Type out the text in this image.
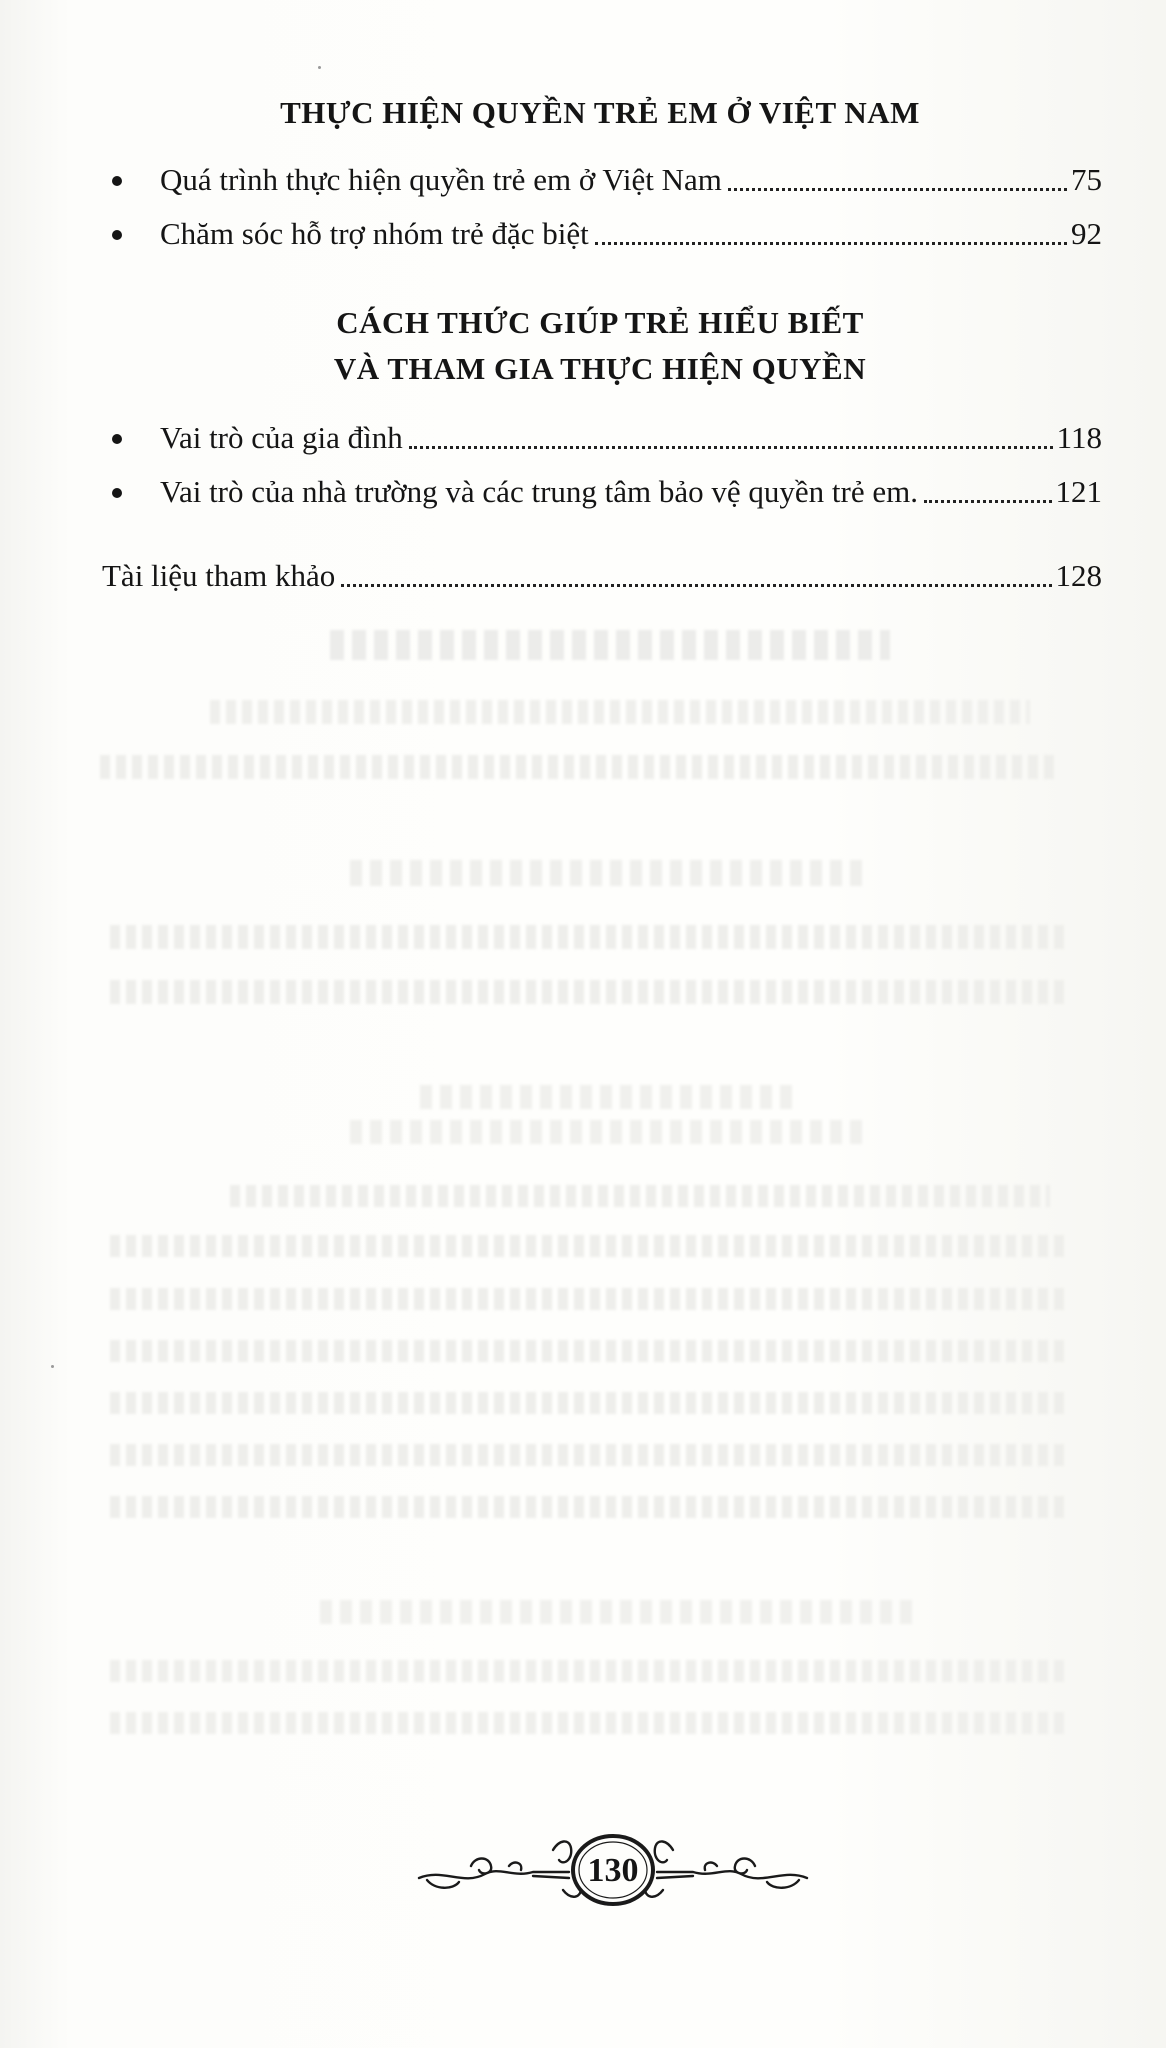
THỰC HIỆN QUYỀN TRẺ EM Ở VIỆT NAM
Quá trình thực hiện quyền trẻ em ở Việt Nam	75
Chăm sóc hỗ trợ nhóm trẻ đặc biệt	92
CÁCH THỨC GIÚP TRẺ HIỂU BIẾT
VÀ THAM GIA THỰC HIỆN QUYỀN
Vai trò của gia đình	118
Vai trò của nhà trường và các trung tâm bảo vệ quyền trẻ em.	121
Tài liệu tham khảo	128
130
